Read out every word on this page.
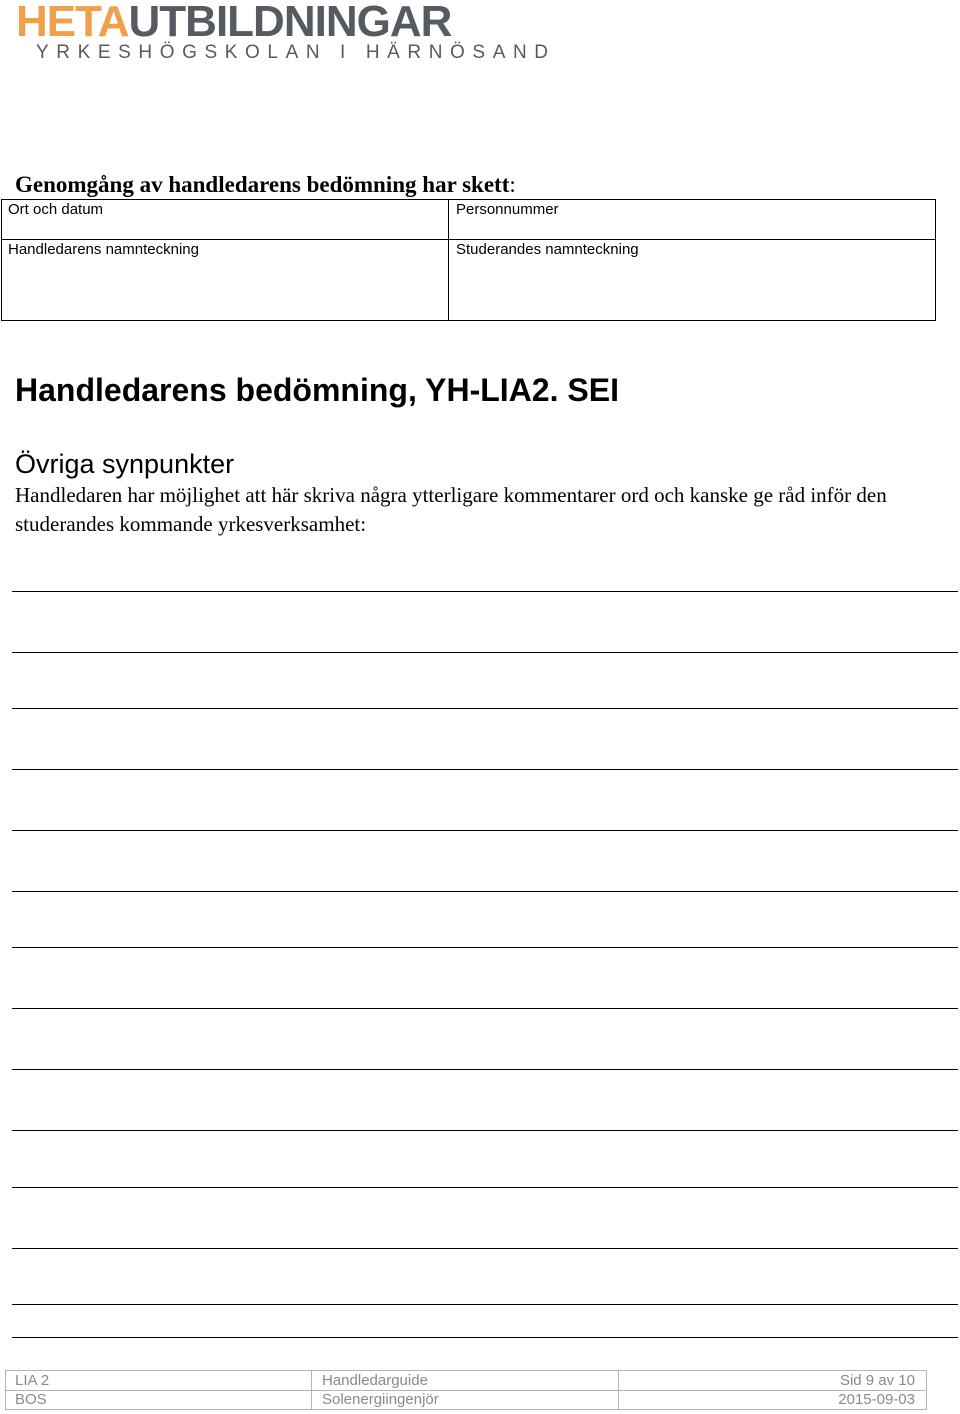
HETAUTBILDNINGAR
YRKESHÖGSKOLAN I HÄRNÖSAND
Genomgång av handledarens bedömning har skett:
Ort och datum	Personnummer
Handledarens namnteckning	Studerandes namnteckning
Handledarens bedömning, YH-LIA2. SEI
Övriga synpunkter
Handledaren har möjlighet att här skriva några ytterligare kommentarer ord och kanske ge råd inför den studerandes kommande yrkesverksamhet:
LIA 2	Handledarguide	Sid 9 av 10
BOS	Solenergiingenjör	2015-09-03
